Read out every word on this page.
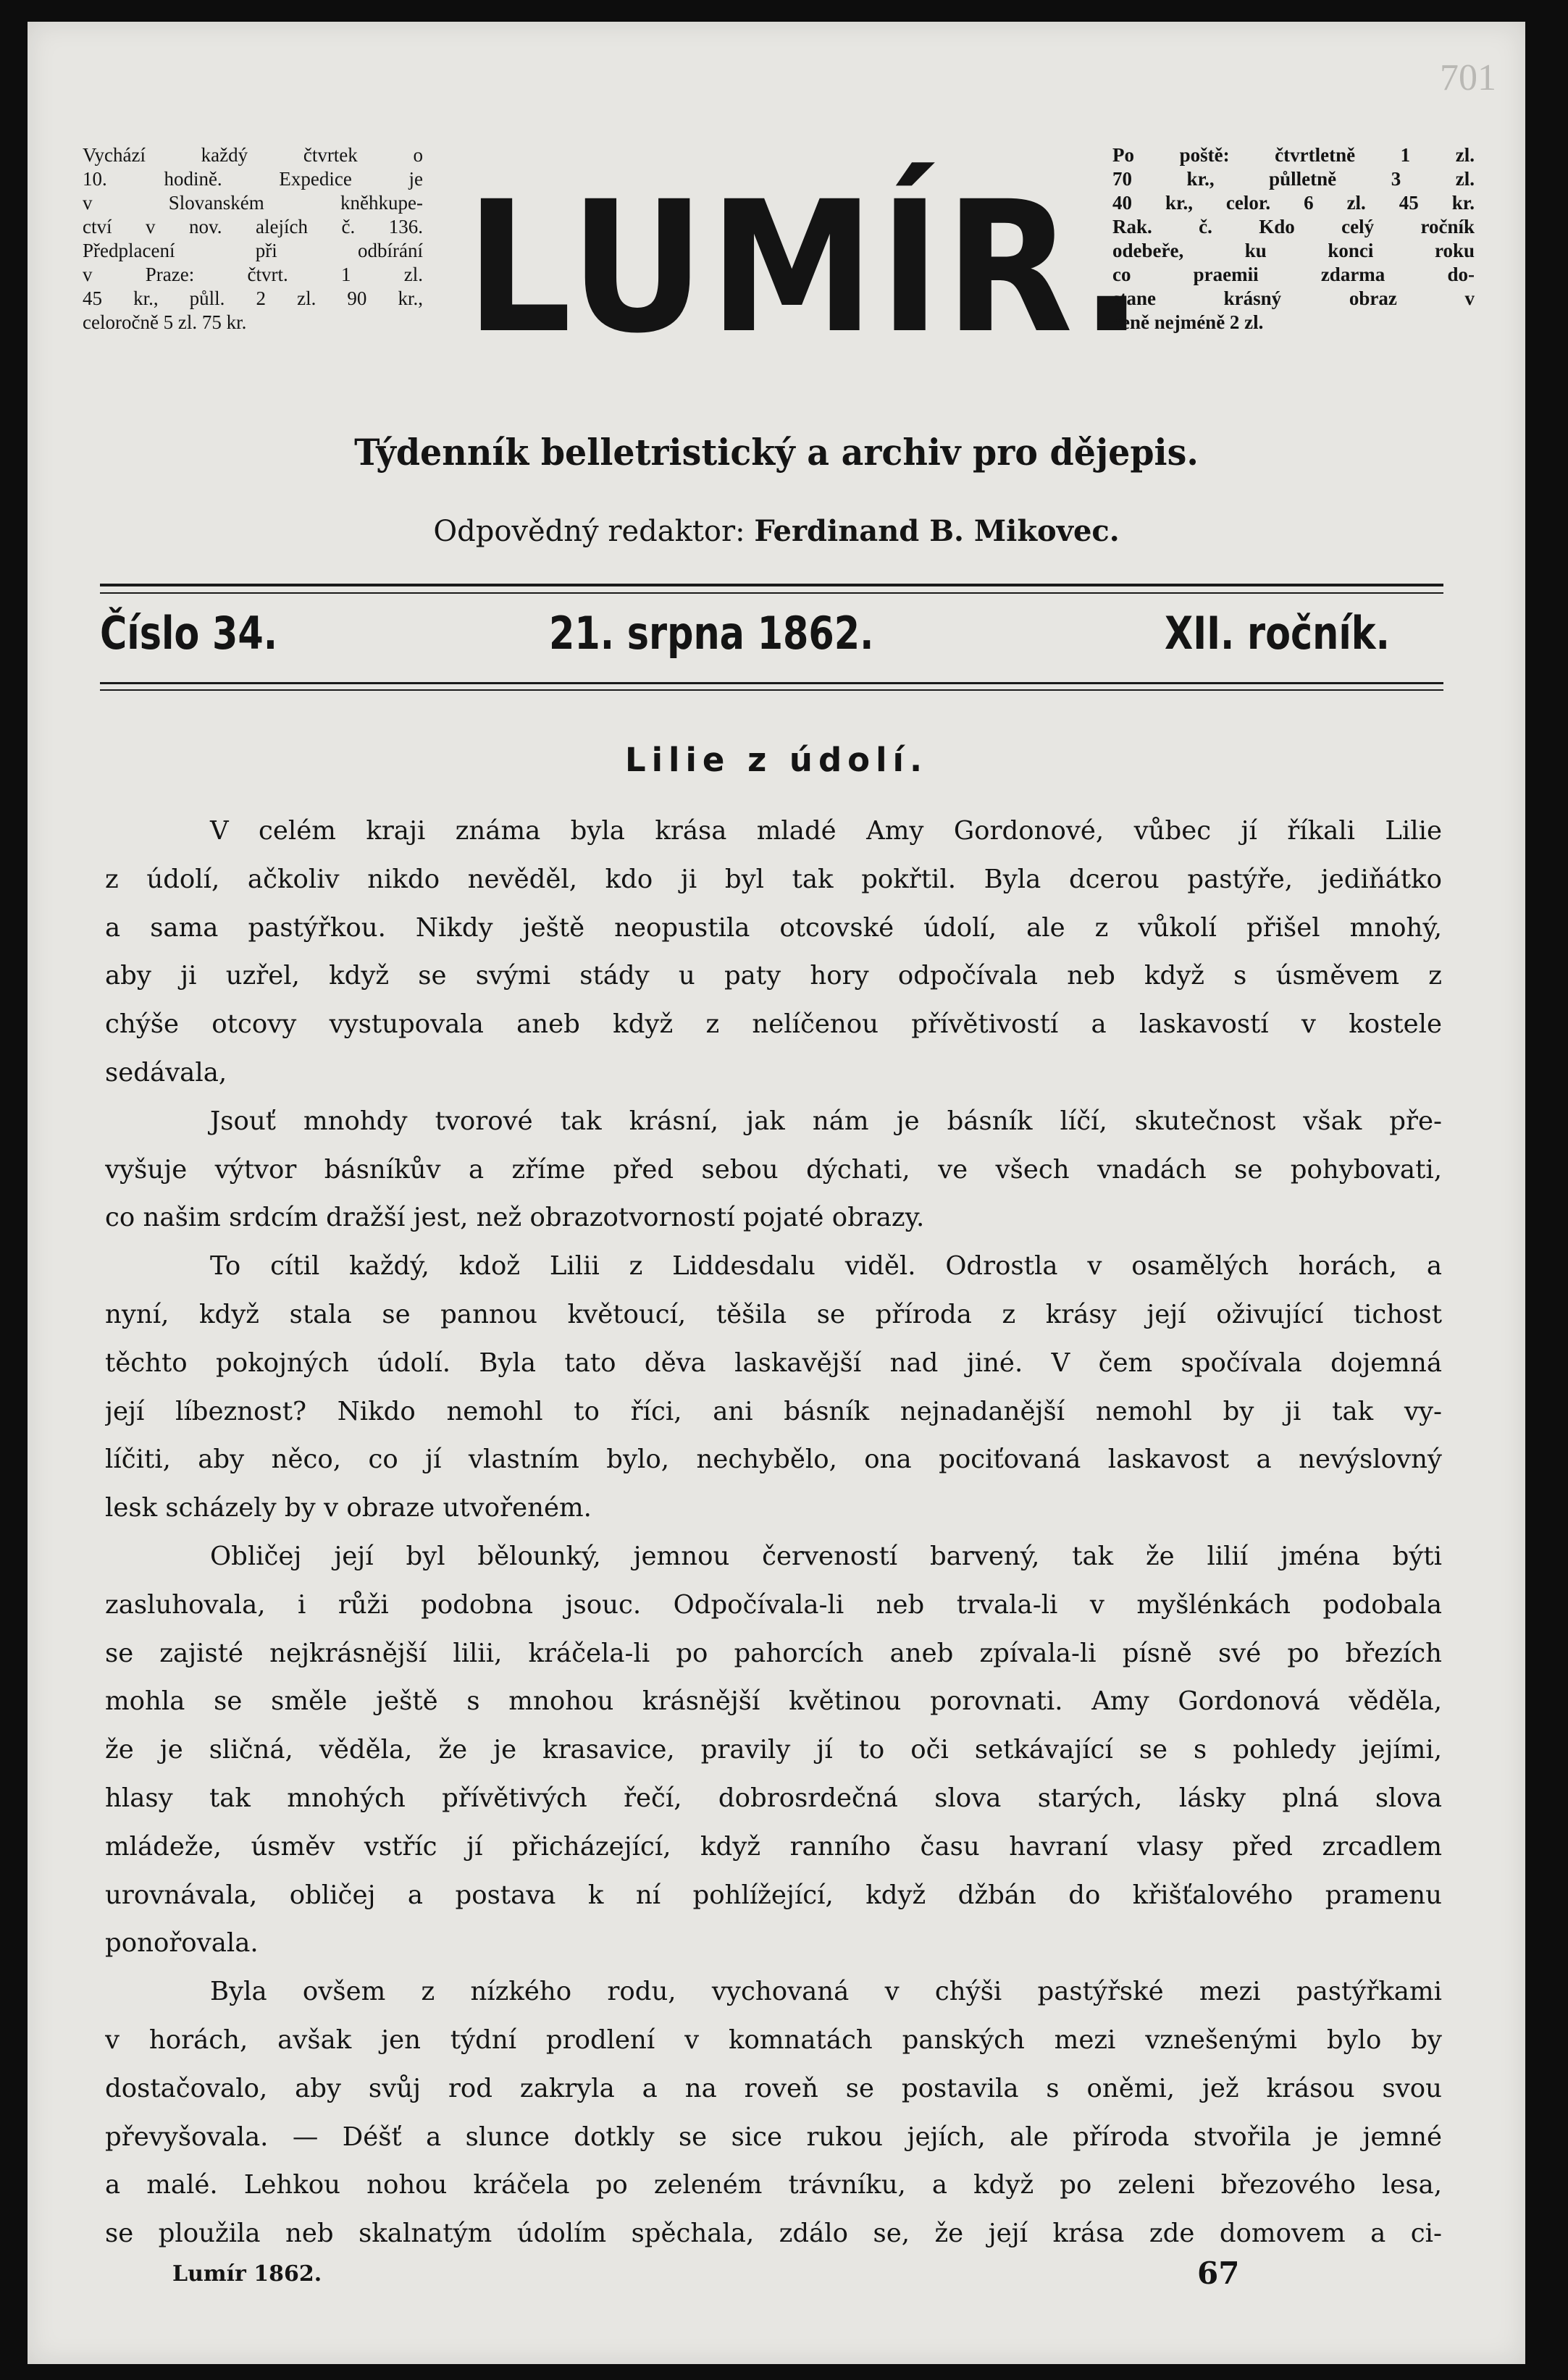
701
Vychází každý čtvrtek o
10. hodině. Expedice je
v Slovanském kněhkupe-
ctví v nov. alejích č. 136.
Předplacení při odbírání
v Praze: čtvrt. 1 zl.
45 kr., půll. 2 zl. 90 kr.,
celoročně 5 zl. 75 kr.	LUMÍR.
Po poště: čtvrtletně 1 zl.
70 kr., půlletně 3 zl.
40 kr., celor. 6 zl. 45 kr.
Rak. č. Kdo celý ročník
odebeře, ku konci roku
co praemii zdarma do-
stane krásný obraz v
ceně nejméně 2 zl.
Týdenník belletristický a archiv pro dějepis.
Odpovědný redaktor: Ferdinand B. Mikovec.
Číslo 34.	21. srpna 1862.	XII. ročník.
Lilie z údolí.
V celém kraji známa byla krása mladé Amy Gordonové, vůbec jí říkali Lilie
z údolí, ačkoliv nikdo nevěděl, kdo ji byl tak pokřtil. Byla dcerou pastýře, jediňátko
a sama pastýřkou. Nikdy ještě neopustila otcovské údolí, ale z vůkolí přišel mnohý,
aby ji uzřel, když se svými stády u paty hory odpočívala neb když s úsměvem z
chýše otcovy vystupovala aneb když z nelíčenou přívětivostí a laskavostí v kostele
sedávala,
Jsouť mnohdy tvorové tak krásní, jak nám je básník líčí, skutečnost však pře-
vyšuje výtvor básníkův a zříme před sebou dýchati, ve všech vnadách se pohybovati,
co našim srdcím dražší jest, než obrazotvorností pojaté obrazy.
To cítil každý, kdož Lilii z Liddesdalu viděl. Odrostla v osamělých horách, a
nyní, když stala se pannou květoucí, těšila se příroda z krásy její oživující tichost
těchto pokojných údolí. Byla tato děva laskavější nad jiné. V čem spočívala dojemná
její líbeznost? Nikdo nemohl to říci, ani básník nejnadanější nemohl by ji tak vy-
líčiti, aby něco, co jí vlastním bylo, nechybělo, ona pociťovaná laskavost a nevýslovný
lesk scházely by v obraze utvořeném.
Obličej její byl bělounký, jemnou červeností barvený, tak že lilií jména býti
zasluhovala, i růži podobna jsouc. Odpočívala-li neb trvala-li v myšlénkách podobala
se zajisté nejkrásnější lilii, kráčela-li po pahorcích aneb zpívala-li písně své po březích
mohla se směle ještě s mnohou krásnější květinou porovnati. Amy Gordonová věděla,
že je sličná, věděla, že je krasavice, pravily jí to oči setkávající se s pohledy jejími,
hlasy tak mnohých přívětivých řečí, dobrosrdečná slova starých, lásky plná slova
mládeže, úsměv vstříc jí přicházející, když ranního času havraní vlasy před zrcadlem
urovnávala, obličej a postava k ní pohlížející, když džbán do křišťalového pramenu
ponořovala.
Byla ovšem z nízkého rodu, vychovaná v chýši pastýřské mezi pastýřkami
v horách, avšak jen týdní prodlení v komnatách panských mezi vznešenými bylo by
dostačovalo, aby svůj rod zakryla a na roveň se postavila s oněmi, jež krásou svou
převyšovala. — Déšť a slunce dotkly se sice rukou jejích, ale příroda stvořila je jemné
a malé. Lehkou nohou kráčela po zeleném trávníku, a když po zeleni březového lesa,
se ploužila neb skalnatým údolím spěchala, zdálo se, že její krása zde domovem a ci-
Lumír 1862.	67
